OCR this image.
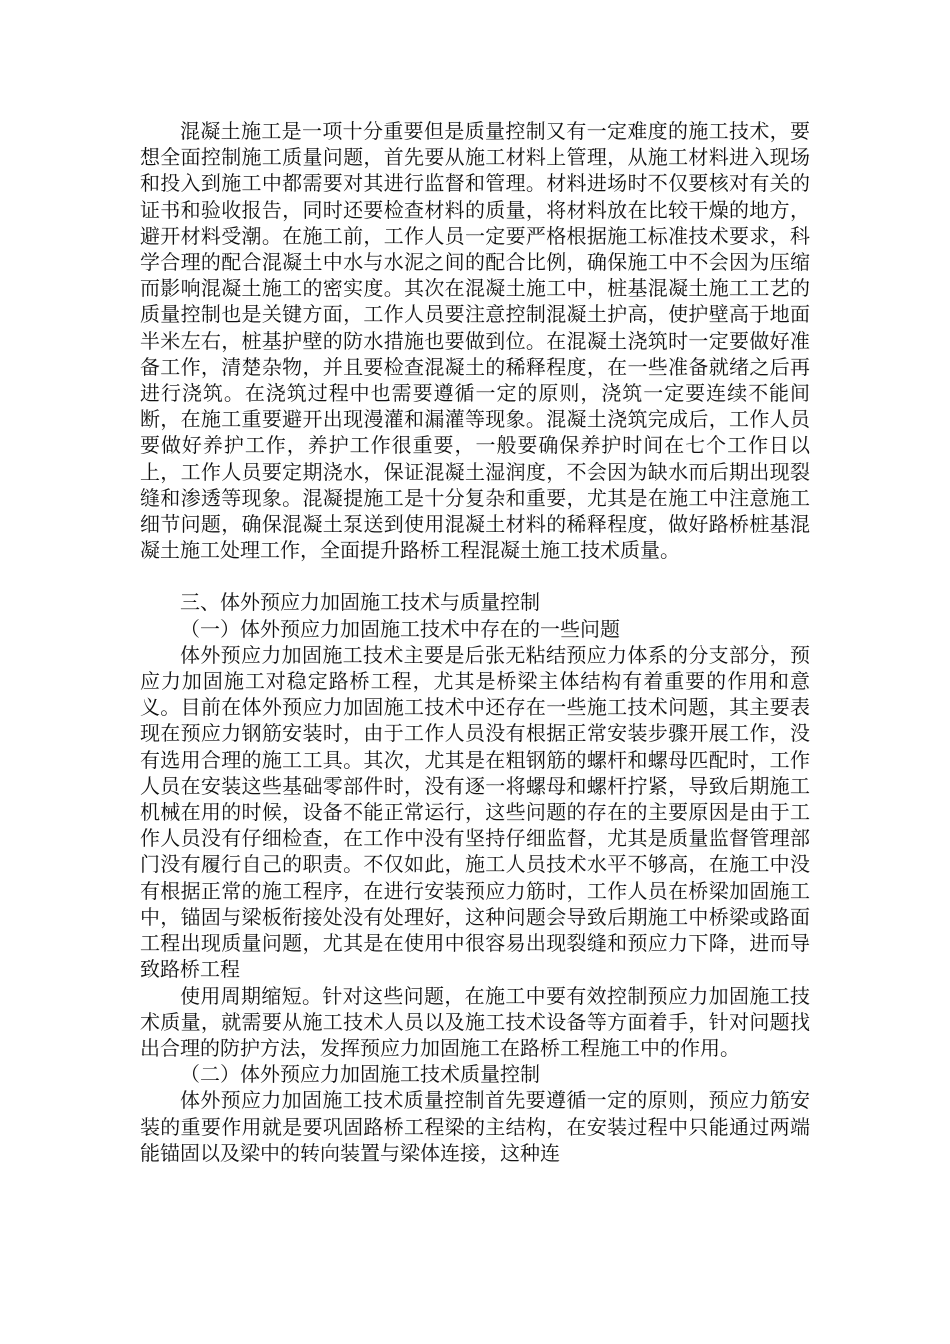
混凝土施工是一项十分重要但是质量控制又有一定难度的施工技术，要想全面控制施工质量问题，首先要从施工材料上管理，从施工材料进入现场和投入到施工中都需要对其进行监督和管理。材料进场时不仅要核对有关的证书和验收报告，同时还要检查材料的质量，将材料放在比较干燥的地方，避开材料受潮。在施工前，工作人员一定要严格根据施工标准技术要求，科学合理的配合混凝土中水与水泥之间的配合比例，确保施工中不会因为压缩而影响混凝土施工的密实度。其次在混凝土施工中，桩基混凝土施工工艺的质量控制也是关键方面，工作人员要注意控制混凝土护高，使护壁高于地面半米左右，桩基护壁的防水措施也要做到位。在混凝土浇筑时一定要做好准备工作，清楚杂物，并且要检查混凝土的稀释程度，在一些准备就绪之后再进行浇筑。在浇筑过程中也需要遵循一定的原则，浇筑一定要连续不能间断，在施工重要避开出现漫灌和漏灌等现象。混凝土浇筑完成后，工作人员要做好养护工作，养护工作很重要，一般要确保养护时间在七个工作日以上，工作人员要定期浇水，保证混凝土湿润度，不会因为缺水而后期出现裂缝和渗透等现象。混凝提施工是十分复杂和重要，尤其是在施工中注意施工细节问题，确保混凝土泵送到使用混凝土材料的稀释程度，做好路桥桩基混凝土施工处理工作，全面提升路桥工程混凝土施工技术质量。

三、体外预应力加固施工技术与质量控制

（一）体外预应力加固施工技术中存在的一些问题

体外预应力加固施工技术主要是后张无粘结预应力体系的分支部分，预应力加固施工对稳定路桥工程，尤其是桥梁主体结构有着重要的作用和意义。目前在体外预应力加固施工技术中还存在一些施工技术问题，其主要表现在预应力钢筋安装时，由于工作人员没有根据正常安装步骤开展工作，没有选用合理的施工工具。其次，尤其是在粗钢筋的螺杆和螺母匹配时，工作人员在安装这些基础零部件时，没有逐一将螺母和螺杆拧紧，导致后期施工机械在用的时候，设备不能正常运行，这些问题的存在的主要原因是由于工作人员没有仔细检查，在工作中没有坚持仔细监督，尤其是质量监督管理部门没有履行自己的职责。不仅如此，施工人员技术水平不够高，在施工中没有根据正常的施工程序，在进行安装预应力筋时，工作人员在桥梁加固施工中，锚固与梁板衔接处没有处理好，这种问题会导致后期施工中桥梁或路面工程出现质量问题，尤其是在使用中很容易出现裂缝和预应力下降，进而导致路桥工程

使用周期缩短。针对这些问题，在施工中要有效控制预应力加固施工技术质量，就需要从施工技术人员以及施工技术设备等方面着手，针对问题找出合理的防护方法，发挥预应力加固施工在路桥工程施工中的作用。

（二）体外预应力加固施工技术质量控制

体外预应力加固施工技术质量控制首先要遵循一定的原则，预应力筋安装的重要作用就是要巩固路桥工程梁的主结构，在安装过程中只能通过两端能锚固以及梁中的转向装置与梁体连接，这种连
